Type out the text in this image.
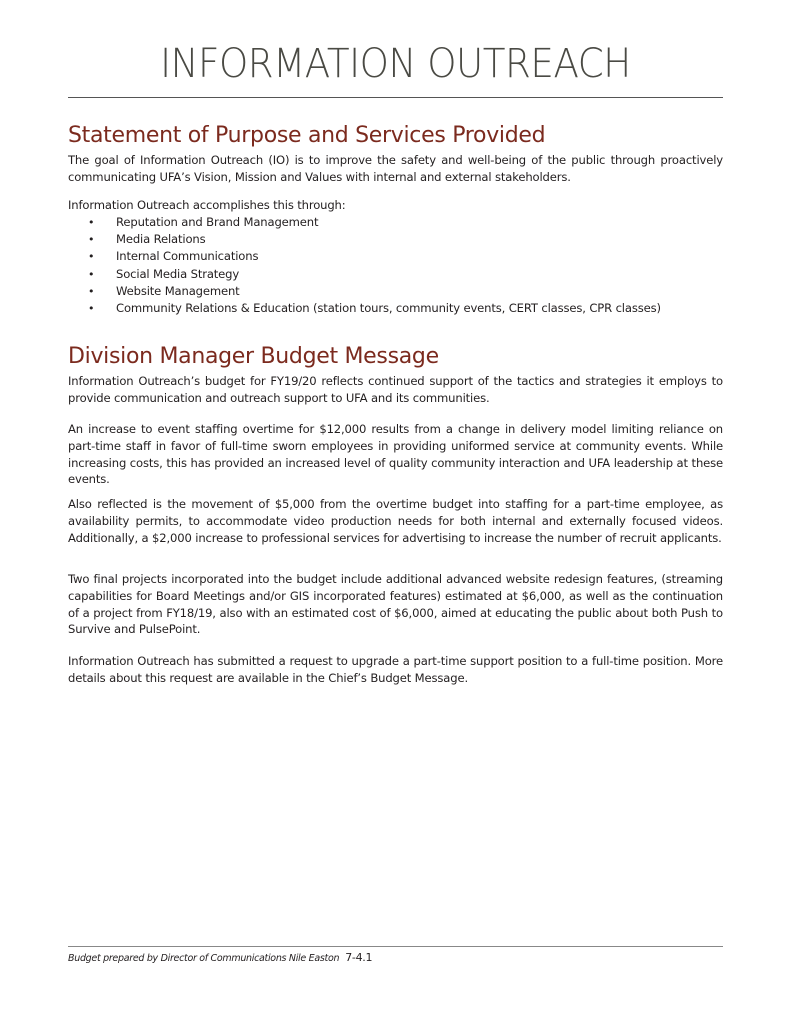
INFORMATION OUTREACH
Statement of Purpose and Services Provided

The goal of Information Outreach (IO) is to improve the safety and well-being of the public through proactively communicating UFA’s Vision, Mission and Values with internal and external stakeholders.

Information Outreach accomplishes this through:

• Reputation and Brand Management
• Media Relations
• Internal Communications
• Social Media Strategy
• Website Management
• Community Relations & Education (station tours, community events, CERT classes, CPR classes)
Division Manager Budget Message

Information Outreach’s budget for FY19/20 reflects continued support of the tactics and strategies it employs to provide communication and outreach support to UFA and its communities.

An increase to event staffing overtime for $12,000 results from a change in delivery model limiting reliance on part-time staff in favor of full-time sworn employees in providing uniformed service at community events. While increasing costs, this has provided an increased level of quality community interaction and UFA leadership at these events.

Also reflected is the movement of $5,000 from the overtime budget into staffing for a part-time employee, as availability permits, to accommodate video production needs for both internal and externally focused videos. Additionally, a $2,000 increase to professional services for advertising to increase the number of recruit applicants.

Two final projects incorporated into the budget include additional advanced website redesign features, (streaming capabilities for Board Meetings and/or GIS incorporated features) estimated at $6,000, as well as the continuation of a project from FY18/19, also with an estimated cost of $6,000, aimed at educating the public about both Push to Survive and PulsePoint.

Information Outreach has submitted a request to upgrade a part-time support position to a full-time position. More details about this request are available in the Chief’s Budget Message.

Budget prepared by Director of Communications Nile Easton 7-4.1
